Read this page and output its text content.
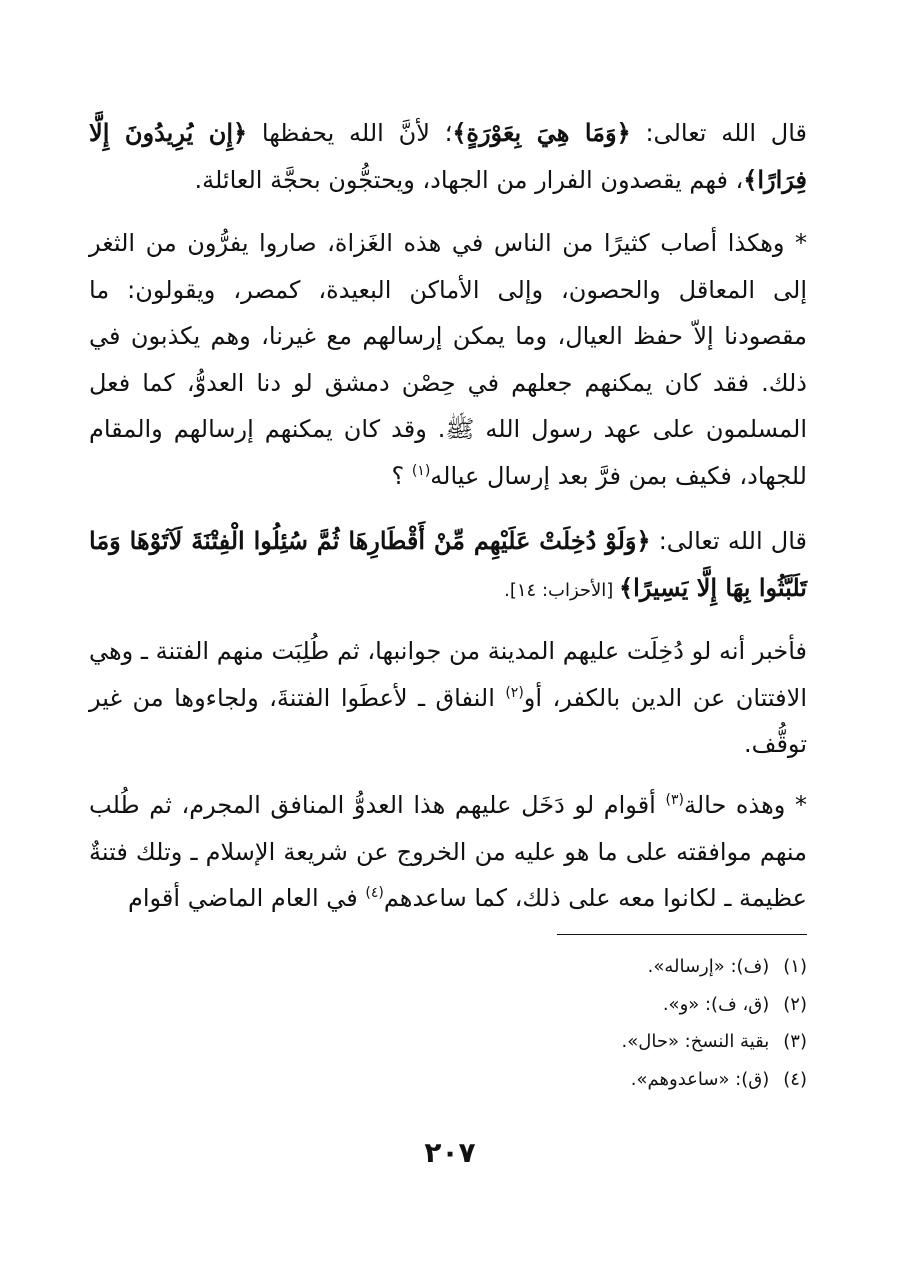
قال الله تعالى: ﴿وَمَا هِيَ بِعَوْرَةٍ﴾؛ لأنَّ الله يحفظها ﴿إِن يُرِيدُونَ إِلَّا فِرَارًا﴾، فهم يقصدون الفرار من الجهاد، ويحتجُّون بحجَّة العائلة.

* وهكذا أصاب كثيرًا من الناس في هذه الغَزاة، صاروا يفرُّون من الثغر إلى المعاقل والحصون، وإلى الأماكن البعيدة، كمصر، ويقولون: ما مقصودنا إلاّ حفظ العيال، وما يمكن إرسالهم مع غيرنا، وهم يكذبون في ذلك. فقد كان يمكنهم جعلهم في حِصْن دمشق لو دنا العدوُّ، كما فعل المسلمون على عهد رسول الله ﷺ. وقد كان يمكنهم إرسالهم والمقام للجهاد، فكيف بمن فرَّ بعد إرسال عياله$^{(١)}$ ؟

قال الله تعالى: ﴿وَلَوْ دُخِلَتْ عَلَيْهِم مِّنْ أَقْطَارِهَا ثُمَّ سُئِلُوا الْفِتْنَةَ لَآتَوْهَا وَمَا تَلَبَّثُوا بِهَا إِلَّا يَسِيرًا﴾ [الأحزاب: ١٤].

فأخبر أنه لو دُخِلَت عليهم المدينة من جوانبها، ثم طُلِبَت منهم الفتنة ـ وهي الافتتان عن الدين بالكفر، أو$^{(٢)}$ النفاق ـ لأعطَوا الفتنةَ، ولجاءوها من غير توقُّف.

* وهذه حالة$^{(٣)}$ أقوام لو دَخَل عليهم هذا العدوُّ المنافق المجرم، ثم طُلب منهم موافقته على ما هو عليه من الخروج عن شريعة الإسلام ـ وتلك فتنةٌ عظيمة ـ لكانوا معه على ذلك، كما ساعدهم$^{(٤)}$ في العام الماضي أقوام

(١)(ف): «إرساله».
(٢)(ق، ف): «و».
(٣)بقية النسخ: «حال».
(٤)(ق): «ساعدوهم».
٢٠٧
